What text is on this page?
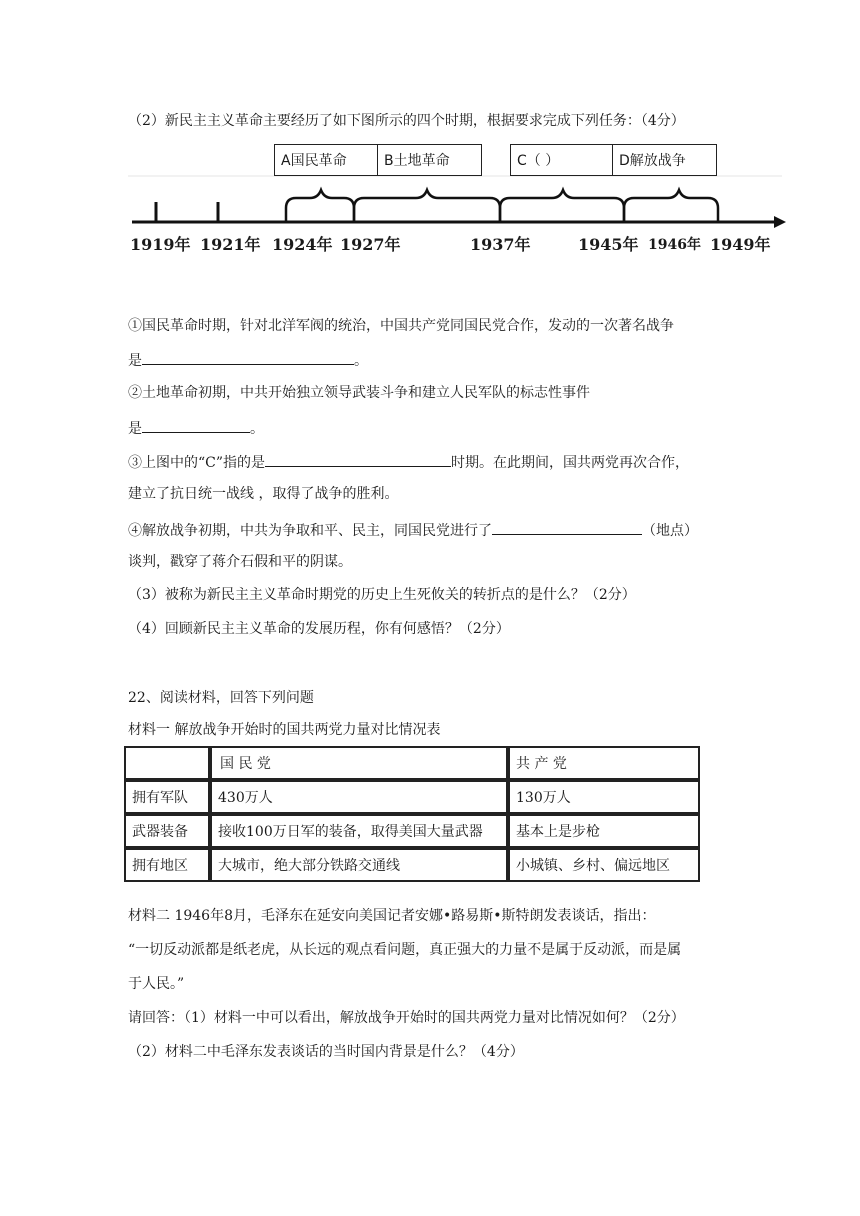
（2）新民主主义革命主要经历了如下图所示的四个时期，根据要求完成下列任务：（4分）
A国民革命	B土地革命	C（ ）	D解放战争
1919年 1921年 1924年 1927年	1937年	1945年 1946年 1949年
①国民革命时期，针对北洋军阀的统治，中国共产党同国民党合作，发动的一次著名战争
是	。
②土地革命初期，中共开始独立领导武装斗争和建立人民军队的标志性事件
是	。
③上图中的“C”指的是	时期。在此期间，国共两党再次合作，
建立了抗日统一战线 ，取得了战争的胜利。
④解放战争初期，中共为争取和平、民主，同国民党进行了	（地点）
谈判，戳穿了蒋介石假和平的阴谋。
（3）被称为新民主主义革命时期党的历史上生死攸关的转折点的是什么？（2分）
（4）回顾新民主主义革命的发展历程，你有何感悟？（2分）
22、阅读材料，回答下列问题
材料一 解放战争开始时的国共两党力量对比情况表
	国 民 党	共 产 党
拥有军队	430万人	130万人
武器装备	接收100万日军的装备，取得美国大量武器	基本上是步枪
拥有地区	大城市，绝大部分铁路交通线	小城镇、乡村、偏远地区
材料二 1946年8月，毛泽东在延安向美国记者安娜•路易斯•斯特朗发表谈话，指出：
“一切反动派都是纸老虎，从长远的观点看问题，真正强大的力量不是属于反动派，而是属
于人民。”
请回答：（1）材料一中可以看出，解放战争开始时的国共两党力量对比情况如何？（2分）
（2）材料二中毛泽东发表谈话的当时国内背景是什么？（4分）
